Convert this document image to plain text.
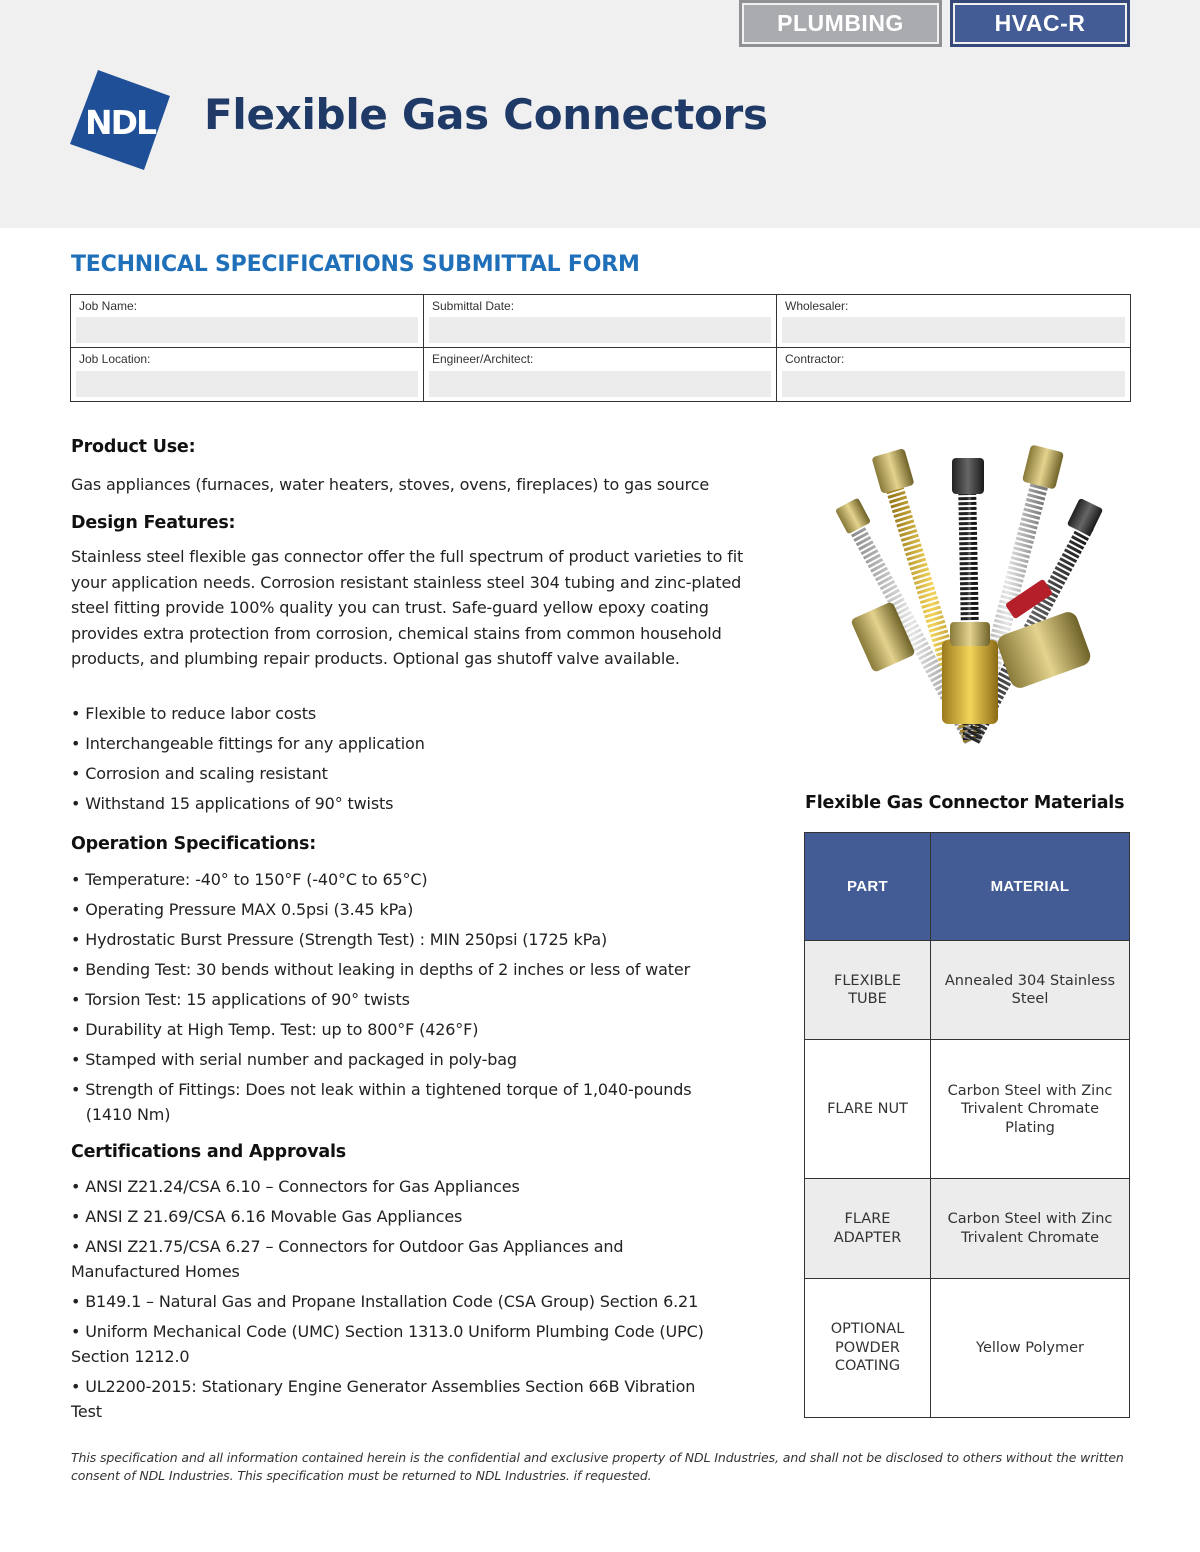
PLUMBING	HVAC-R
NDL Flexible Gas Connectors
TECHNICAL SPECIFICATIONS SUBMITTAL FORM
Job Name:	Submittal Date:	Wholesaler:
Job Location:	Engineer/Architect:	Contractor:
Product Use:
Gas appliances (furnaces, water heaters, stoves, ovens, fireplaces) to gas source
Design Features:
Stainless steel flexible gas connector offer the full spectrum of product varieties to fit your application needs. Corrosion resistant stainless steel 304 tubing and zinc-plated steel fitting provide 100% quality you can trust. Safe-guard yellow epoxy coating provides extra protection from corrosion, chemical stains from common household products, and plumbing repair products. Optional gas shutoff valve available.
• Flexible to reduce labor costs
• Interchangeable fittings for any application
• Corrosion and scaling resistant
• Withstand 15 applications of 90° twists
Operation Specifications:
• Temperature: -40° to 150°F (-40°C to 65°C)
• Operating Pressure MAX 0.5psi (3.45 kPa)
• Hydrostatic Burst Pressure (Strength Test) : MIN 250psi (1725 kPa)
• Bending Test: 30 bends without leaking in depths of 2 inches or less of water
• Torsion Test: 15 applications of 90° twists
• Durability at High Temp. Test: up to 800°F (426°F)
• Stamped with serial number and packaged in poly-bag
• Strength of Fittings: Does not leak within a tightened torque of 1,040-pounds
(1410 Nm)
Certifications and Approvals
• ANSI Z21.24/CSA 6.10 – Connectors for Gas Appliances
• ANSI Z 21.69/CSA 6.16 Movable Gas Appliances
• ANSI Z21.75/CSA 6.27 – Connectors for Outdoor Gas Appliances and
Manufactured Homes
• B149.1 – Natural Gas and Propane Installation Code (CSA Group) Section 6.21
• Uniform Mechanical Code (UMC) Section 1313.0 Uniform Plumbing Code (UPC)
Section 1212.0
• UL2200-2015: Stationary Engine Generator Assemblies Section 66B Vibration
Test
Flexible Gas Connector Materials
PART	MATERIAL
FLEXIBLE TUBE	Annealed 304 Stainless Steel
FLARE NUT	Carbon Steel with Zinc Trivalent Chromate Plating
FLARE ADAPTER	Carbon Steel with Zinc Trivalent Chromate
OPTIONAL POWDER COATING	Yellow Polymer
This specification and all information contained herein is the confidential and exclusive property of NDL Industries, and shall not be disclosed to others without the written consent of NDL Industries. This specification must be returned to NDL Industries. if requested.
